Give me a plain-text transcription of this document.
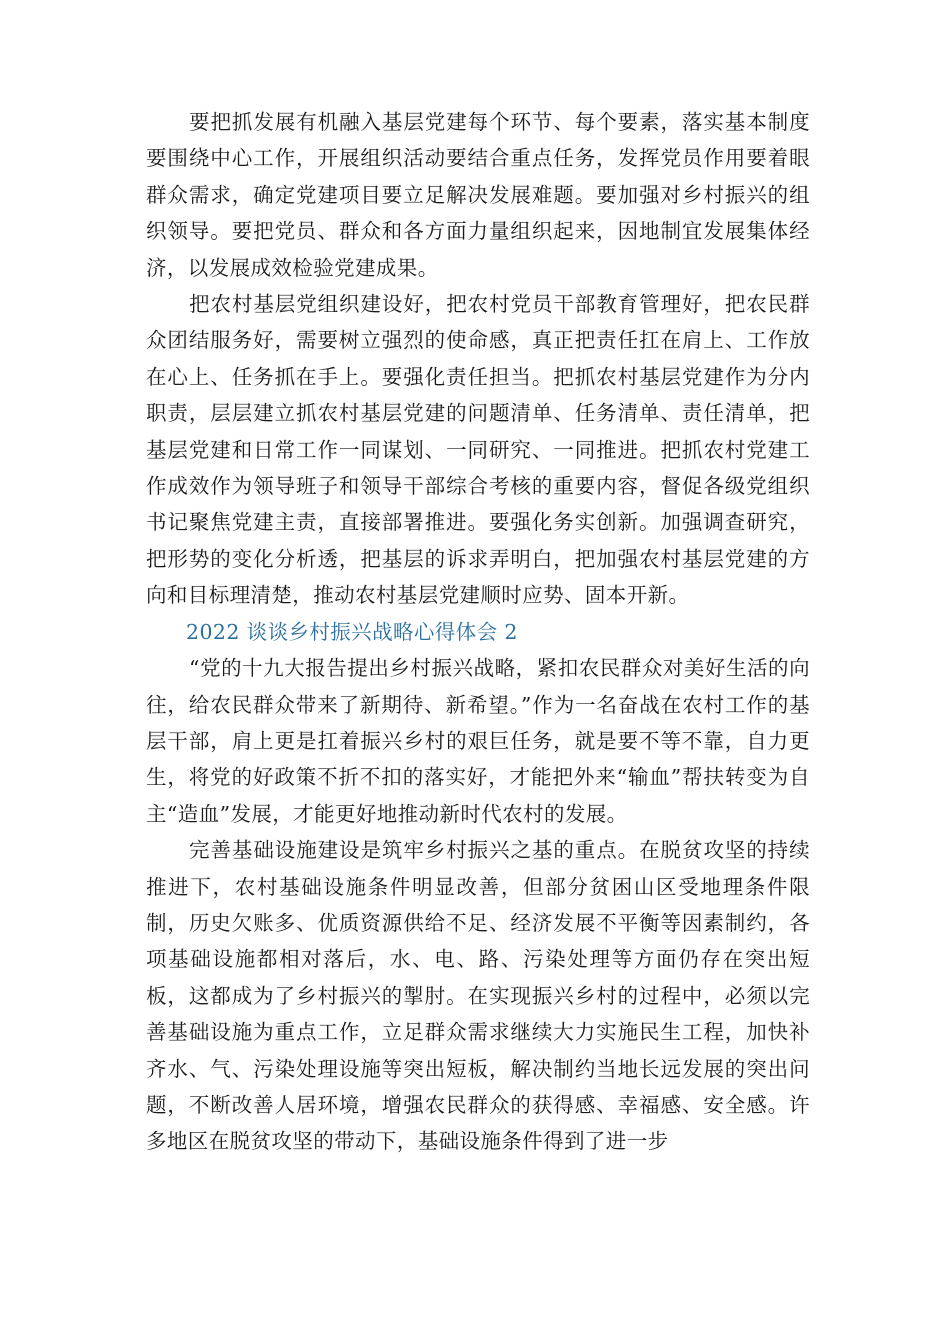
要把抓发展有机融入基层党建每个环节、每个要素，落实基本制度要围绕中心工作，开展组织活动要结合重点任务，发挥党员作用要着眼群众需求，确定党建项目要立足解决发展难题。要加强对乡村振兴的组织领导。要把党员、群众和各方面力量组织起来，因地制宜发展集体经济，以发展成效检验党建成果。

把农村基层党组织建设好，把农村党员干部教育管理好，把农民群众团结服务好，需要树立强烈的使命感，真正把责任扛在肩上、工作放在心上、任务抓在手上。要强化责任担当。把抓农村基层党建作为分内职责，层层建立抓农村基层党建的问题清单、任务清单、责任清单，把基层党建和日常工作一同谋划、一同研究、一同推进。把抓农村党建工作成效作为领导班子和领导干部综合考核的重要内容，督促各级党组织书记聚焦党建主责，直接部署推进。要强化务实创新。加强调查研究，把形势的变化分析透，把基层的诉求弄明白，把加强农村基层党建的方向和目标理清楚，推动农村基层党建顺时应势、固本开新。

2022 谈谈乡村振兴战略心得体会 2

“党的十九大报告提出乡村振兴战略，紧扣农民群众对美好生活的向往，给农民群众带来了新期待、新希望。”作为一名奋战在农村工作的基层干部，肩上更是扛着振兴乡村的艰巨任务，就是要不等不靠，自力更生，将党的好政策不折不扣的落实好，才能把外来“输血”帮扶转变为自主“造血”发展，才能更好地推动新时代农村的发展。

完善基础设施建设是筑牢乡村振兴之基的重点。在脱贫攻坚的持续推进下，农村基础设施条件明显改善，但部分贫困山区受地理条件限制，历史欠账多、优质资源供给不足、经济发展不平衡等因素制约，各项基础设施都相对落后，水、电、路、污染处理等方面仍存在突出短板，这都成为了乡村振兴的掣肘。在实现振兴乡村的过程中，必须以完善基础设施为重点工作，立足群众需求继续大力实施民生工程，加快补齐水、气、污染处理设施等突出短板，解决制约当地长远发展的突出问题，不断改善人居环境，增强农民群众的获得感、幸福感、安全感。许多地区在脱贫攻坚的带动下，基础设施条件得到了进一步
